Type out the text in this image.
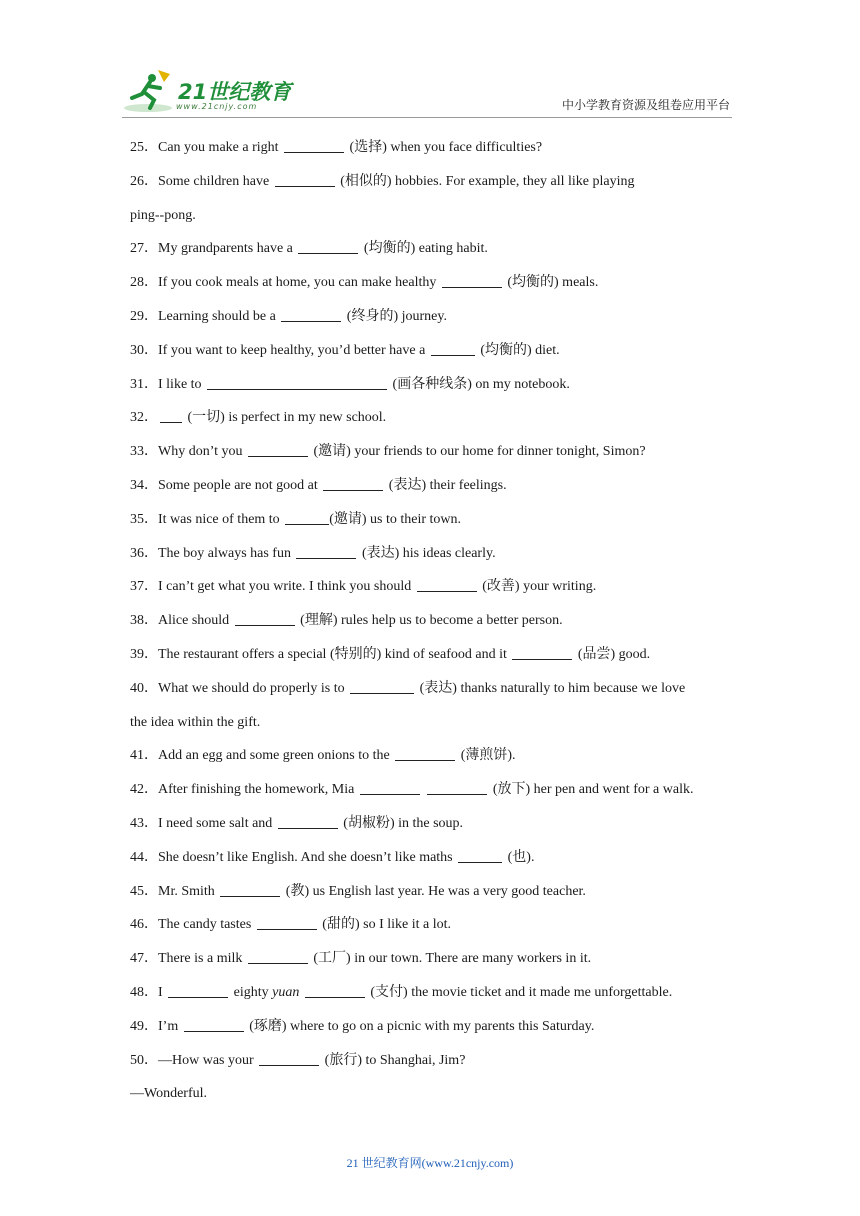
21世纪教育
www.21cnjy.com	中小学教育资源及组卷应用平台
25．Can you make a right	(选择) when you face difficulties?
26．Some children have	(相似的) hobbies. For example, they all like playing
ping--pong.
27．My grandparents have a	(均衡的) eating habit.
28．If you cook meals at home, you can make healthy	(均衡的) meals.
29．Learning should be a	(终身的) journey.
30．If you want to keep healthy, you’d better have a	(均衡的) diet.
31．I like to	(画各种线条) on my notebook.
32． (一切) is perfect in my new school.
33．Why don’t you	(邀请) your friends to our home for dinner tonight, Simon?
34．Some people are not good at	(表达) their feelings.
35．It was nice of them to	(邀请) us to their town.
36．The boy always has fun	(表达) his ideas clearly.
37．I can’t get what you write. I think you should	(改善) your writing.
38．Alice should	(理解) rules help us to become a better person.
39．The restaurant offers a special (特别的) kind of seafood and it	(品尝) good.
40．What we should do properly is to	(表达) thanks naturally to him because we love
the idea within the gift.
41．Add an egg and some green onions to the	(薄煎饼).
42．After finishing the homework, Mia	(放下) her pen and went for a walk.
43．I need some salt and	(胡椒粉) in the soup.
44．She doesn’t like English. And she doesn’t like maths	(也).
45．Mr. Smith	(教) us English last year. He was a very good teacher.
46．The candy tastes	(甜的) so I like it a lot.
47．There is a milk	(工厂) in our town. There are many workers in it.
48．I	eighty yuan	(支付) the movie ticket and it made me unforgettable.
49．I’m	(琢磨) where to go on a picnic with my parents this Saturday.
50．—How was your	(旅行) to Shanghai, Jim?
—Wonderful.
21 世纪教育网(www.21cnjy.com)
